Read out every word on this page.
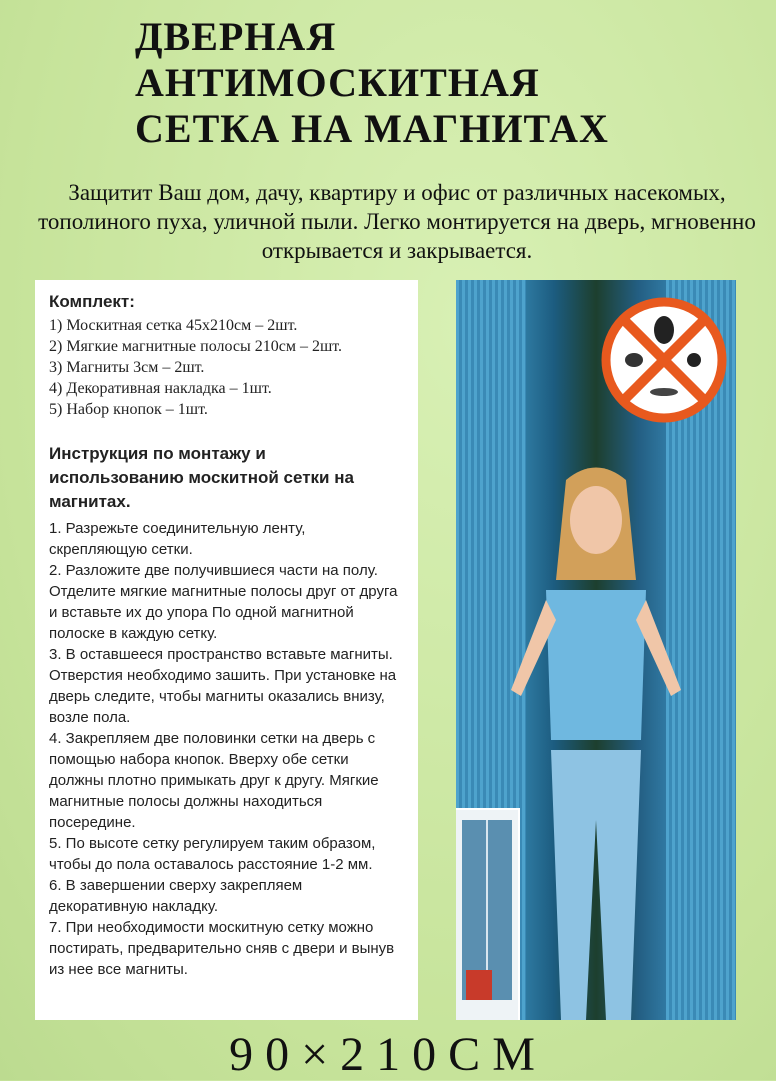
ДВЕРНАЯ
АНТИМОСКИТНАЯ
СЕТКА НА МАГНИТАХ

Защитит Ваш дом, дачу, квартиру и офис от различных насекомых, тополиного пуха, уличной пыли. Легко монтируется на дверь, мгновенно открывается и закрывается.

Комплект:
1) Москитная сетка 45х210см – 2шт.
2) Мягкие магнитные полосы 210см – 2шт.
3) Магниты 3см – 2шт.
4) Декоративная накладка – 1шт.
5) Набор кнопок – 1шт.
Инструкция по монтажу и использованию москитной сетки на магнитах.
1. Разрежьте соединительную ленту, скрепляющую сетки.
2. Разложите две получившиеся части на полу. Отделите мягкие магнитные полосы друг от друга и вставьте их до упора По одной магнитной полоске в каждую сетку.
3. В оставшееся пространство вставьте магниты. Отверстия необходимо зашить. При установке на дверь следите, чтобы магниты оказались внизу, возле пола.
4. Закрепляем две половинки сетки на дверь с помощью набора кнопок. Вверху обе сетки должны плотно примыкать друг к другу. Мягкие магнитные полосы должны находиться посередине.
5. По высоте сетку регулируем таким образом, чтобы до пола оставалось расстояние 1-2 мм.
6. В завершении сверху закрепляем декоративную накладку.
7. При необходимости москитную сетку можно постирать, предварительно сняв с двери и вынув из нее все магниты.
90×210СМ
